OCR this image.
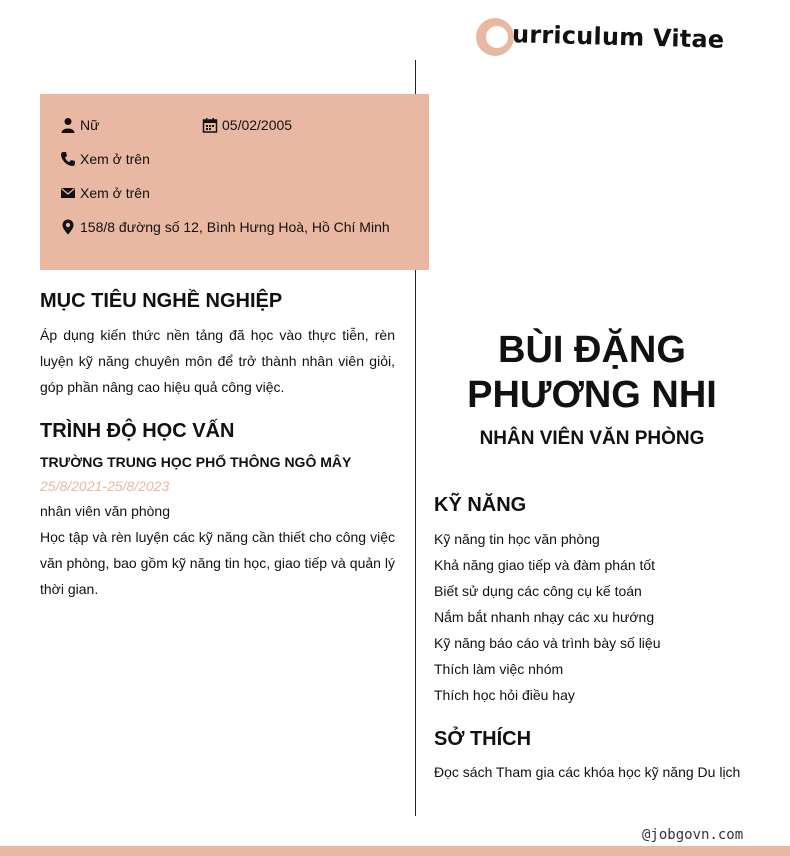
urriculum Vitae
Nữ	05/02/2005
Xem ở trên
Xem ở trên
158/8 đường số 12, Bình Hưng Hoà, Hồ Chí Minh
MỤC TIÊU NGHỀ NGHIỆP
Áp dụng kiến thức nền tảng đã học vào thực tiễn, rèn luyện kỹ năng chuyên môn để trở thành nhân viên giỏi, góp phần nâng cao hiệu quả công việc.
TRÌNH ĐỘ HỌC VẤN
TRƯỜNG TRUNG HỌC PHỔ THÔNG NGÔ MÂY
25/8/2021-25/8/2023
nhân viên văn phòng
Học tập và rèn luyện các kỹ năng cần thiết cho công việc văn phòng, bao gồm kỹ năng tin học, giao tiếp và quản lý thời gian.
BÙI ĐẶNG PHƯƠNG NHI
NHÂN VIÊN VĂN PHÒNG
KỸ NĂNG
Kỹ năng tin học văn phòng
Khả năng giao tiếp và đàm phán tốt
Biết sử dụng các công cụ kế toán
Nắm bắt nhanh nhạy các xu hướng
Kỹ năng báo cáo và trình bày số liệu
Thích làm việc nhóm
Thích học hỏi điều hay
SỞ THÍCH
Đọc sách Tham gia các khóa học kỹ năng Du lịch
@jobgovn.com
